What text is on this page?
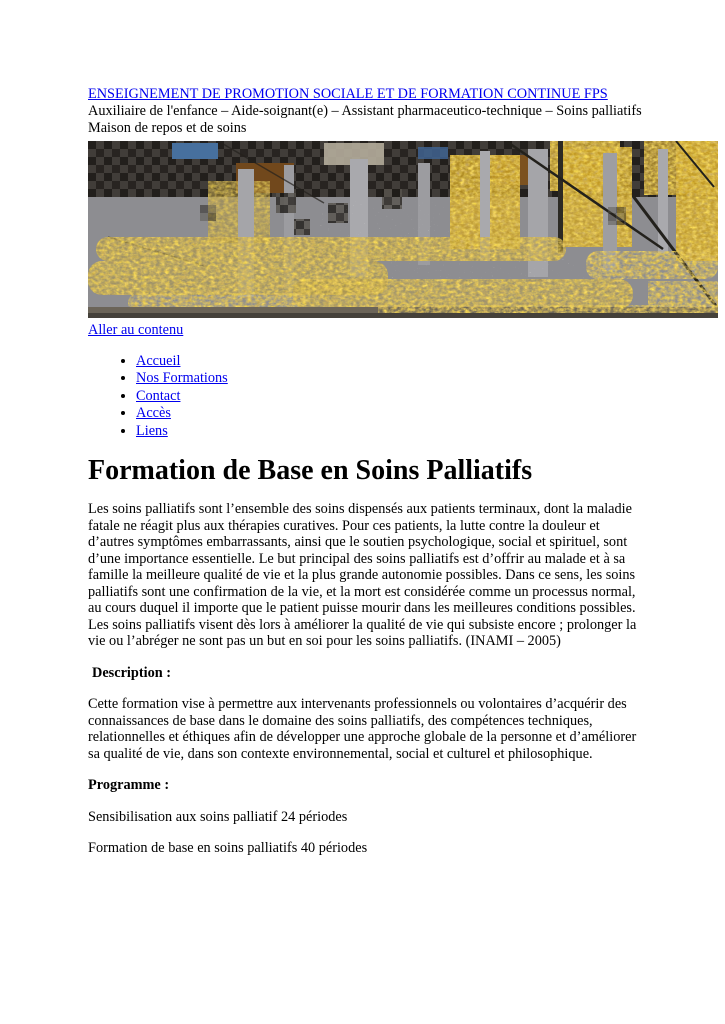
ENSEIGNEMENT DE PROMOTION SOCIALE ET DE FORMATION CONTINUE FPS
Auxiliaire de l'enfance – Aide-soignant(e) – Assistant pharmaceutico-technique – Soins palliatifs Maison de repos et de soins
Aller au contenu
• Accueil
• Nos Formations
• Contact
• Accès
• Liens
Formation de Base en Soins Palliatifs

Les soins palliatifs sont l’ensemble des soins dispensés aux patients terminaux, dont la maladie fatale ne réagit plus aux thérapies curatives. Pour ces patients, la lutte contre la douleur et d’autres symptômes embarrassants, ainsi que le soutien psychologique, social et spirituel, sont d’une importance essentielle. Le but principal des soins palliatifs est d’offrir au malade et à sa famille la meilleure qualité de vie et la plus grande autonomie possibles. Dans ce sens, les soins palliatifs sont une confirmation de la vie, et la mort est considérée comme un processus normal, au cours duquel il importe que le patient puisse mourir dans les meilleures conditions possibles. Les soins palliatifs visent dès lors à améliorer la qualité de vie qui subsiste encore ; prolonger la vie ou l’abréger ne sont pas un but en soi pour les soins palliatifs. (INAMI – 2005)

Description :

Cette formation vise à permettre aux intervenants professionnels ou volontaires d’acquérir des connaissances de base dans le domaine des soins palliatifs, des compétences techniques, relationnelles et éthiques afin de développer une approche globale de la personne et d’améliorer sa qualité de vie, dans son contexte environnemental, social et culturel et philosophique.

Programme :

Sensibilisation aux soins palliatif 24 périodes

Formation de base en soins palliatifs 40 périodes
